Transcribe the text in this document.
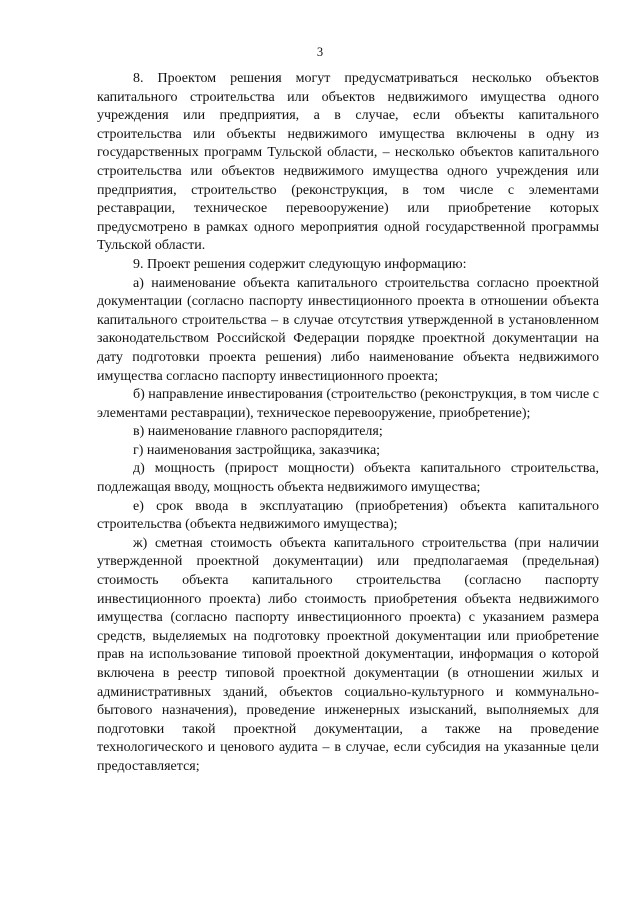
3

8. Проектом решения могут предусматриваться несколько объектов капитального строительства или объектов недвижимого имущества одного учреждения или предприятия, а в случае, если объекты капитального строительства или объекты недвижимого имущества включены в одну из государственных программ Тульской области, – несколько объектов капитального строительства или объектов недвижимого имущества одного учреждения или предприятия, строительство (реконструкция, в том числе с элементами реставрации, техническое перевооружение) или приобретение которых предусмотрено в рамках одного мероприятия одной государственной программы Тульской области.

9. Проект решения содержит следующую информацию:

а) наименование объекта капитального строительства согласно проектной документации (согласно паспорту инвестиционного проекта в отношении объекта капитального строительства – в случае отсутствия утвержденной в установленном законодательством Российской Федерации порядке проектной документации на дату подготовки проекта решения) либо наименование объекта недвижимого имущества согласно паспорту инвестиционного проекта;

б) направление инвестирования (строительство (реконструкция, в том числе с элементами реставрации), техническое перевооружение, приобретение);

в) наименование главного распорядителя;

г) наименования застройщика, заказчика;

д) мощность (прирост мощности) объекта капитального строительства, подлежащая вводу, мощность объекта недвижимого имущества;

е) срок ввода в эксплуатацию (приобретения) объекта капитального строительства (объекта недвижимого имущества);

ж) сметная стоимость объекта капитального строительства (при наличии утвержденной проектной документации) или предполагаемая (предельная) стоимость объекта капитального строительства (согласно паспорту инвестиционного проекта) либо стоимость приобретения объекта недвижимого имущества (согласно паспорту инвестиционного проекта) с указанием размера средств, выделяемых на подготовку проектной документации или приобретение прав на использование типовой проектной документации, информация о которой включена в реестр типовой проектной документации (в отношении жилых и административных зданий, объектов социально-культурного и коммунально-бытового назначения), проведение инженерных изысканий, выполняемых для подготовки такой проектной документации, а также на проведение технологического и ценового аудита – в случае, если субсидия на указанные цели предоставляется;
